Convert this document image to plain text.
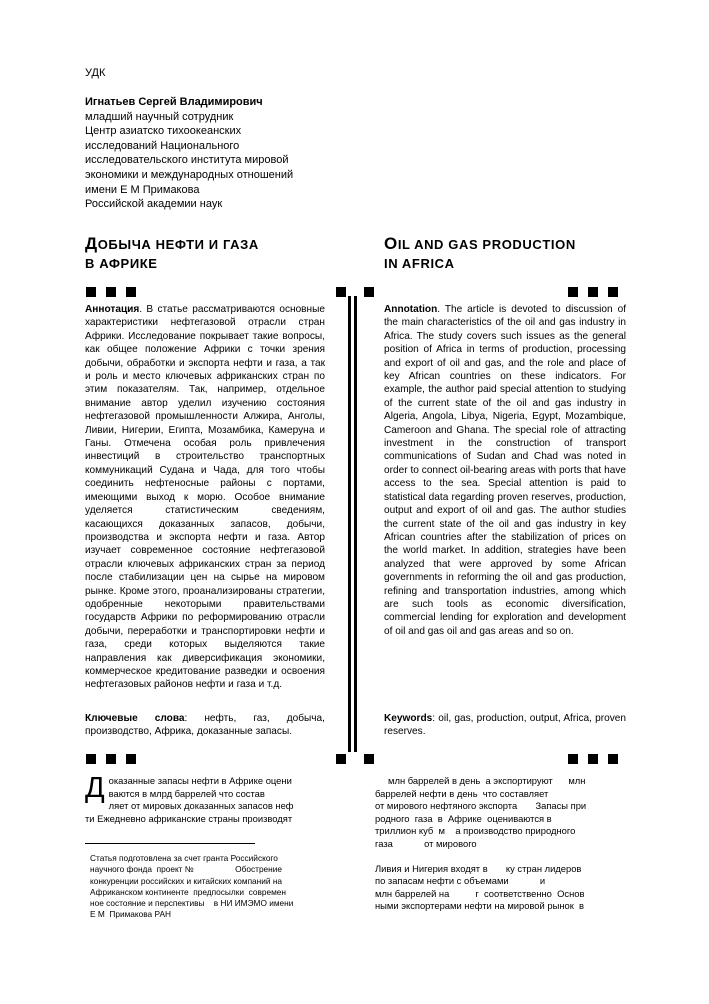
УДК
Игнатьев Сергей Владимирович
младший научный сотрудник
Центр азиатско тихоокеанских
исследований Национального
исследовательского института мировой
экономики и международных отношений
имени Е М Примакова
Российской академии наук
ДОБЫЧА НЕФТИ И ГАЗА
В АФРИКЕ
OIL AND GAS PRODUCTION
IN AFRICA
Аннотация. В статье рассматриваются основные характеристики нефтегазовой отрасли стран Африки. Исследование покрывает такие вопросы, как общее положение Африки с точки зрения добычи, обработки и экспорта нефти и газа, а так и роль и место ключевых африканских стран по этим показателям. Так, например, отдельное внимание автор уделил изучению состояния нефтегазовой промышленности Алжира, Анголы, Ливии, Нигерии, Египта, Мозамбика, Камеруна и Ганы. Отмечена особая роль привлечения инвестиций в строительство транспортных коммуникаций Судана и Чада, для того чтобы соединить нефтеносные районы с портами, имеющими выход к морю. Особое внимание уделяется статистическим сведениям, касающихся доказанных запасов, добычи, производства и экспорта нефти и газа. Автор изучает современное состояние нефтегазовой отрасли ключевых африканских стран за период после стабилизации цен на сырье на мировом рынке. Кроме этого, проанализированы стратегии, одобренные некоторыми правительствами государств Африки по реформированию отрасли добычи, переработки и транспортировки нефти и газа, среди которых выделяются такие направления как диверсификация экономики, коммерческое кредитование разведки и освоения нефтегазовых районов нефти и газа и т.д.
Annotation. The article is devoted to discussion of the main characteristics of the oil and gas industry in Africa. The study covers such issues as the general position of Africa in terms of production, processing and export of oil and gas, and the role and place of key African countries on these indicators. For example, the author paid special attention to studying of the current state of the oil and gas industry in Algeria, Angola, Libya, Nigeria, Egypt, Mozambique, Cameroon and Ghana. The special role of attracting investment in the construction of transport communications of Sudan and Chad was noted in order to connect oil-bearing areas with ports that have access to the sea. Special attention is paid to statistical data regarding proven reserves, production, output and export of oil and gas. The author studies the current state of the oil and gas industry in key African countries after the stabilization of prices on the world market. In addition, strategies have been analyzed that were approved by some African governments in reforming the oil and gas production, refining and transportation industries, among which are such tools as economic diversification, commercial lending for exploration and development of oil and gas oil and gas areas and so on.
Ключевые слова: нефть, газ, добыча, производство, Африка, доказанные запасы.
Keywords: oil, gas, production, output, Africa, proven reserves.
Д оказанные запасы нефти в Африке оцени
ваются в млрд баррелей что состав
ляет от мировых доказанных запасов неф
ти Ежедневно африканские страны производят
млн баррелей в день  а экспортируют      млн
баррелей нефти в день  что составляет
от мирового нефтяного экспорта       Запасы при
родного  газа  в  Африке  оцениваются в
триллион куб  м    а производство природного
газа            от мирового
Ливия и Нигерия входят в       ку стран лидеров
по запасам нефти с объемами            и
млн баррелей на          г  соответственно  Основ
ными экспортерами нефти на мировой рынок  в
Статья подготовлена за счет гранта Российского
научного фонда  проект №                  Обострение
конкуренции российских и китайских компаний на
Африканском континенте  предпосылки  современ
ное состояние и перспективы    в НИ ИМЭМО имени
Е М  Примакова РАН
